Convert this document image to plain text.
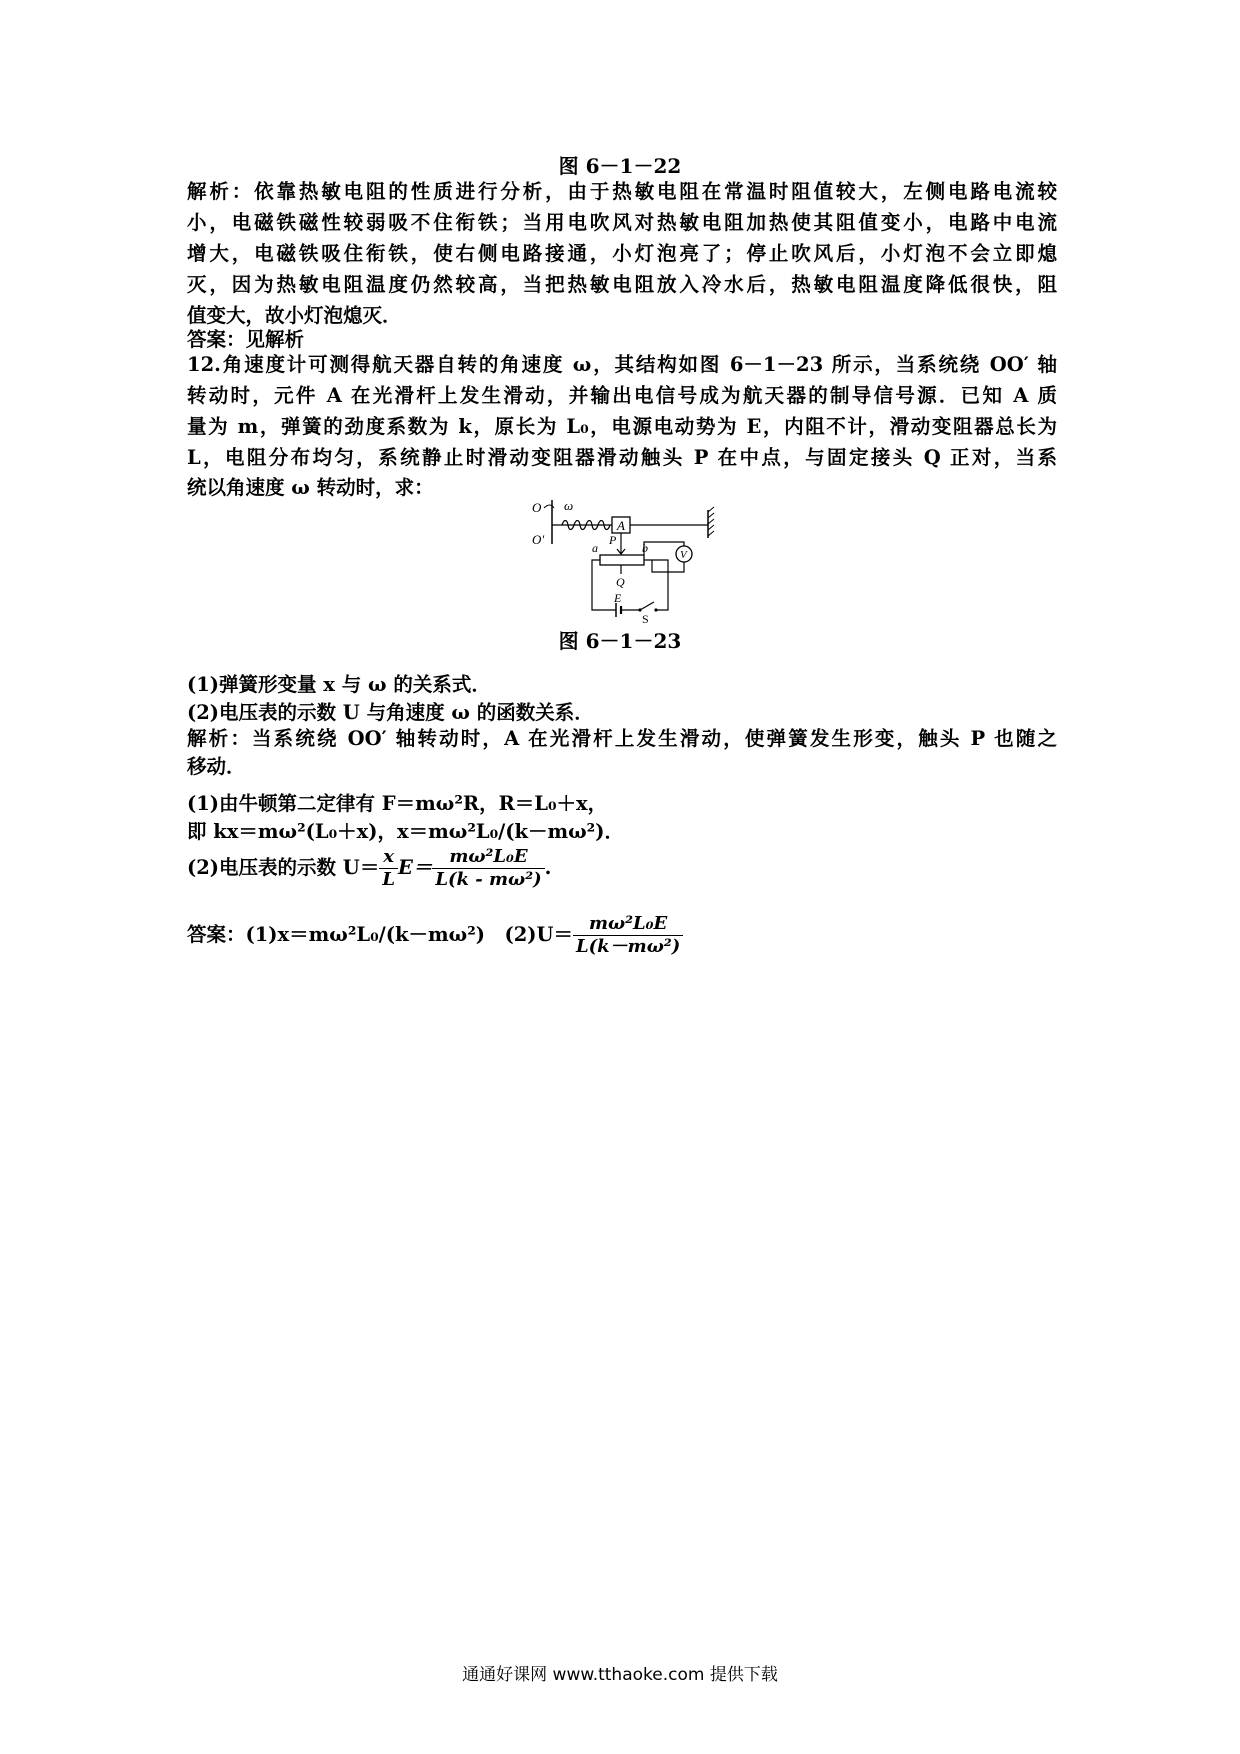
图 6－1－22
解析：依靠热敏电阻的性质进行分析，由于热敏电阻在常温时阻值较大，左侧电路电流较
小，电磁铁磁性较弱吸不住衔铁；当用电吹风对热敏电阻加热使其阻值变小，电路中电流
增大，电磁铁吸住衔铁，使右侧电路接通，小灯泡亮了；停止吹风后，小灯泡不会立即熄
灭，因为热敏电阻温度仍然较高，当把热敏电阻放入冷水后，热敏电阻温度降低很快，阻
值变大，故小灯泡熄灭．
答案：见解析
12.角速度计可测得航天器自转的角速度 ω，其结构如图 6－1－23 所示，当系统绕 OO′ 轴
转动时，元件 A 在光滑杆上发生滑动，并输出电信号成为航天器的制导信号源．已知 A 质
量为 m，弹簧的劲度系数为 k，原长为 L₀，电源电动势为 E，内阻不计，滑动变阻器总长为
L，电阻分布均匀，系统静止时滑动变阻器滑动触头 P 在中点，与固定接头 Q 正对，当系
统以角速度 ω 转动时，求：
A
O ω
O′	P
a	b	V
Q
E
S
图 6－1－23
(1)弹簧形变量 x 与 ω 的关系式．
(2)电压表的示数 U 与角速度 ω 的函数关系．
解析：当系统绕 OO′ 轴转动时，A 在光滑杆上发生滑动，使弹簧发生形变，触头 P 也随之
移动．
(1)由牛顿第二定律有 F＝mω²R，R＝L₀＋x，
即 kx＝mω²(L₀＋x)，x＝mω²L₀/(k－mω²)．
(2)电压表的示数 $U= \frac{x}{L} E= \frac{\text{mω²L₀E}}{\text{L(k - mω²)}}$ .
答案：(1)x＝mω²L₀/(k－mω²)　$(2)U= \frac{\text{mω²L₀E}}{\text{L(k－mω²)}}$
通通好课网 www.tthaoke.com 提供下载
